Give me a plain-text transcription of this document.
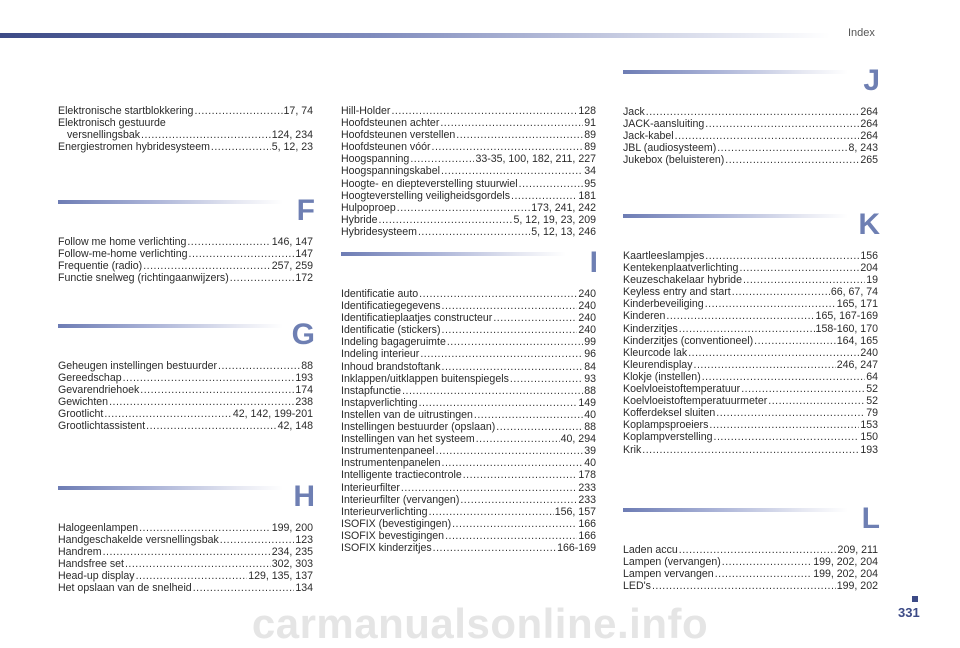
Index
Elektronische startblokkering .....	17, 74
Elektronisch gestuurde
versnellingsbak .....	124, 234
Energiestromen hybridesysteem .....	5, 12, 23
F
Follow me home verlichting .....	146, 147
Follow-me-home verlichting .....	147
Frequentie (radio) .....	257, 259
Functie snelweg (richtingaanwijzers) .....	172
G
Geheugen instellingen bestuurder .....	88
Gereedschap .....	193
Gevarendriehoek .....	174
Gewichten .....	238
Grootlicht .....	42, 142, 199-201
Grootlichtassistent .....	42, 148
H
Halogeenlampen .....	199, 200
Handgeschakelde versnellingsbak .....	123
Handrem .....	234, 235
Handsfree set .....	302, 303
Head-up display .....	129, 135, 137
Het opslaan van de snelheid .....	134
Hill-Holder .....	128
Hoofdsteunen achter .....	91
Hoofdsteunen verstellen .....	89
Hoofdsteunen vóór .....	89
Hoogspanning .....	33-35, 100, 182, 211, 227
Hoogspanningskabel .....	34
Hoogte- en diepteverstelling stuurwiel .....	95
Hoogteverstelling veiligheidsgordels .....	181
Hulpoproep .....	173, 241, 242
Hybride .....	5, 12, 19, 23, 209
Hybridesysteem .....	5, 12, 13, 246
I
Identificatie auto .....	240
Identificatiegegevens .....	240
Identificatieplaatjes constructeur .....	240
Identificatie (stickers) .....	240
Indeling bagageruimte .....	99
Indeling interieur .....	96
Inhoud brandstoftank .....	84
Inklappen/uitklappen buitenspiegels .....	93
Instapfunctie .....	88
Instapverlichting .....	149
Instellen van de uitrustingen .....	40
Instellingen bestuurder (opslaan) .....	88
Instellingen van het systeem .....	40, 294
Instrumentenpaneel .....	39
Instrumentenpanelen .....	40
Intelligente tractiecontrole .....	178
Interieurfilter .....	233
Interieurfilter (vervangen) .....	233
Interieurverlichting .....	156, 157
ISOFIX (bevestigingen) .....	166
ISOFIX bevestigingen .....	166
ISOFIX kinderzitjes .....	166-169
J
Jack .....	264
JACK-aansluiting .....	264
Jack-kabel .....	264
JBL (audiosysteem) .....	8, 243
Jukebox (beluisteren) .....	265
K
Kaartleeslampjes .....	156
Kentekenplaatverlichting .....	204
Keuzeschakelaar hybride .....	19
Keyless entry and start .....	66, 67, 74
Kinderbeveiliging .....	165, 171
Kinderen .....	165, 167-169
Kinderzitjes .....	158-160, 170
Kinderzitjes (conventioneel) .....	164, 165
Kleurcode lak .....	240
Kleurendisplay .....	246, 247
Klokje (instellen) .....	64
Koelvloeistoftemperatuur .....	52
Koelvloeistoftemperatuurmeter .....	52
Kofferdeksel sluiten .....	79
Koplampsproeiers .....	153
Koplampverstelling .....	150
Krik .....	193
L
Laden accu .....	209, 211
Lampen (vervangen) .....	199, 202, 204
Lampen vervangen .....	199, 202, 204
LED's .....	199, 202
carmanualsonline.info	331
